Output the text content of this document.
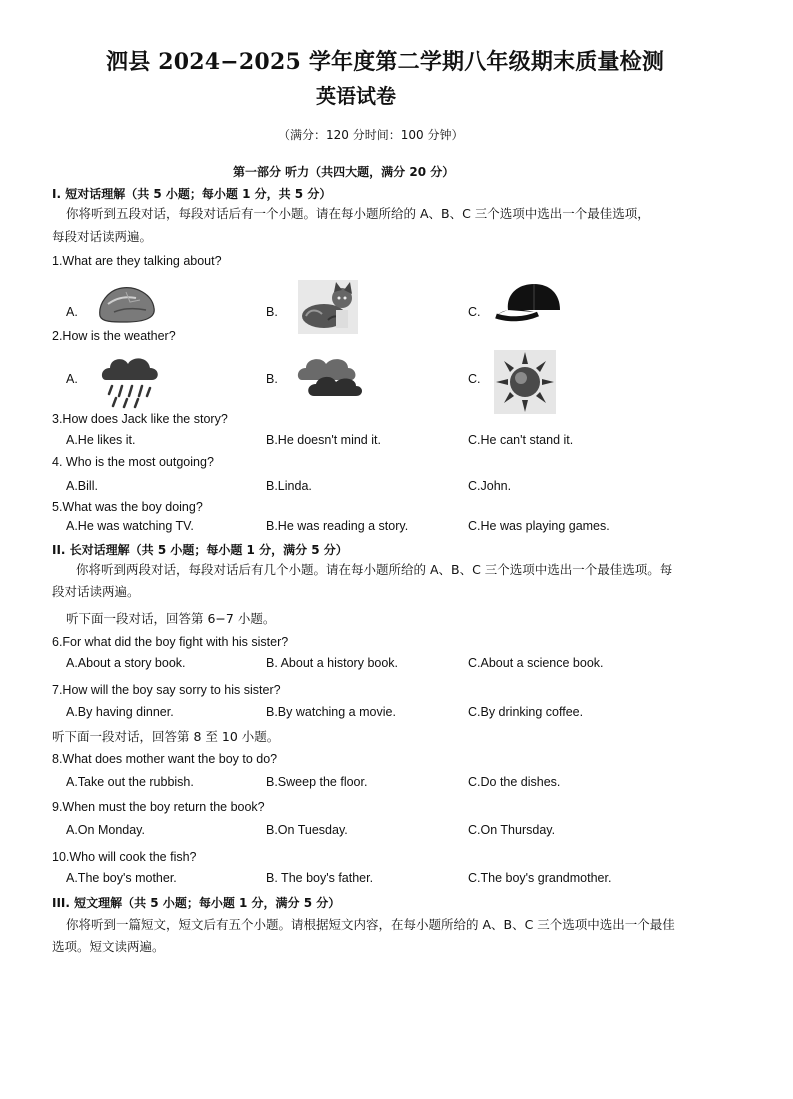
泗县 2024−2025 学年度第二学期八年级期末质量检测
英语试卷
（满分：120 分时间：100 分钟）
第一部分 听力（共四大题，满分 20 分）
I. 短对话理解（共 5 小题；每小题 1 分，共 5 分）
你将听到五段对话，每段对话后有一个小题。请在每小题所给的 A、B、C 三个选项中选出一个最佳选项，
每段对话读两遍。
1.What are they talking about?
A.	B.	C.
2.How is the weather?
A.	B.	C.
3.How does Jack like the story?
A.He likes it.	B.He doesn't mind it.	C.He can't stand it.
4. Who is the most outgoing?
A.Bill.	B.Linda.	C.John.
5.What was the boy doing?
A.He was watching TV.	B.He was reading a story.	C.He was playing games.
II. 长对话理解（共 5 小题；每小题 1 分，满分 5 分）
你将听到两段对话，每段对话后有几个小题。请在每小题所给的 A、B、C 三个选项中选出一个最佳选项。每
段对话读两遍。
听下面一段对话，回答第 6−7 小题。
6.For what did the boy fight with his sister?
A.About a story book.	B. About a history book.	C.About a science book.
7.How will the boy say sorry to his sister?
A.By having dinner.	B.By watching a movie.	C.By drinking coffee.
听下面一段对话，回答第 8 至 10 小题。
8.What does mother want the boy to do?
A.Take out the rubbish.	B.Sweep the floor.	C.Do the dishes.
9.When must the boy return the book?
A.On Monday.	B.On Tuesday.	C.On Thursday.
10.Who will cook the fish?
A.The boy's mother.	B. The boy's father.	C.The boy's grandmother.
III. 短文理解（共 5 小题；每小题 1 分，满分 5 分）
你将听到一篇短文，短文后有五个小题。请根据短文内容，在每小题所给的 A、B、C 三个选项中选出一个最佳
选项。短文读两遍。
